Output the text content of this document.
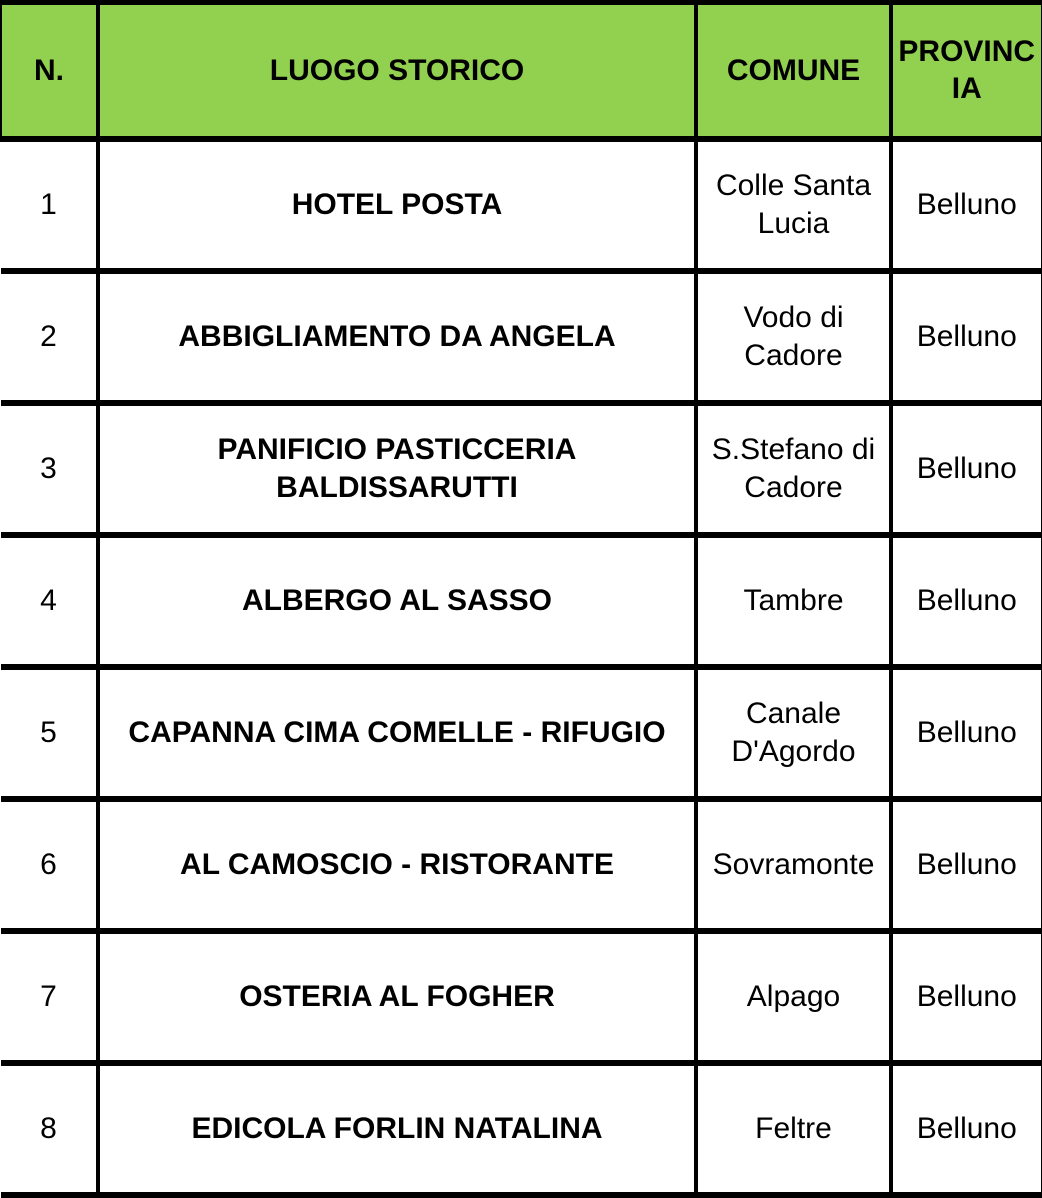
N.	LUOGO STORICO	COMUNE	PROVINCIA
1	HOTEL POSTA	Colle Santa Lucia	Belluno
2	ABBIGLIAMENTO DA ANGELA	Vodo di Cadore	Belluno
3	PANIFICIO PASTICCERIA BALDISSARUTTI	S.Stefano di Cadore	Belluno
4	ALBERGO AL SASSO	Tambre	Belluno
5	CAPANNA CIMA COMELLE - RIFUGIO	Canale D'Agordo	Belluno
6	AL CAMOSCIO - RISTORANTE	Sovramonte	Belluno
7	OSTERIA AL FOGHER	Alpago	Belluno
8	EDICOLA FORLIN NATALINA	Feltre	Belluno
